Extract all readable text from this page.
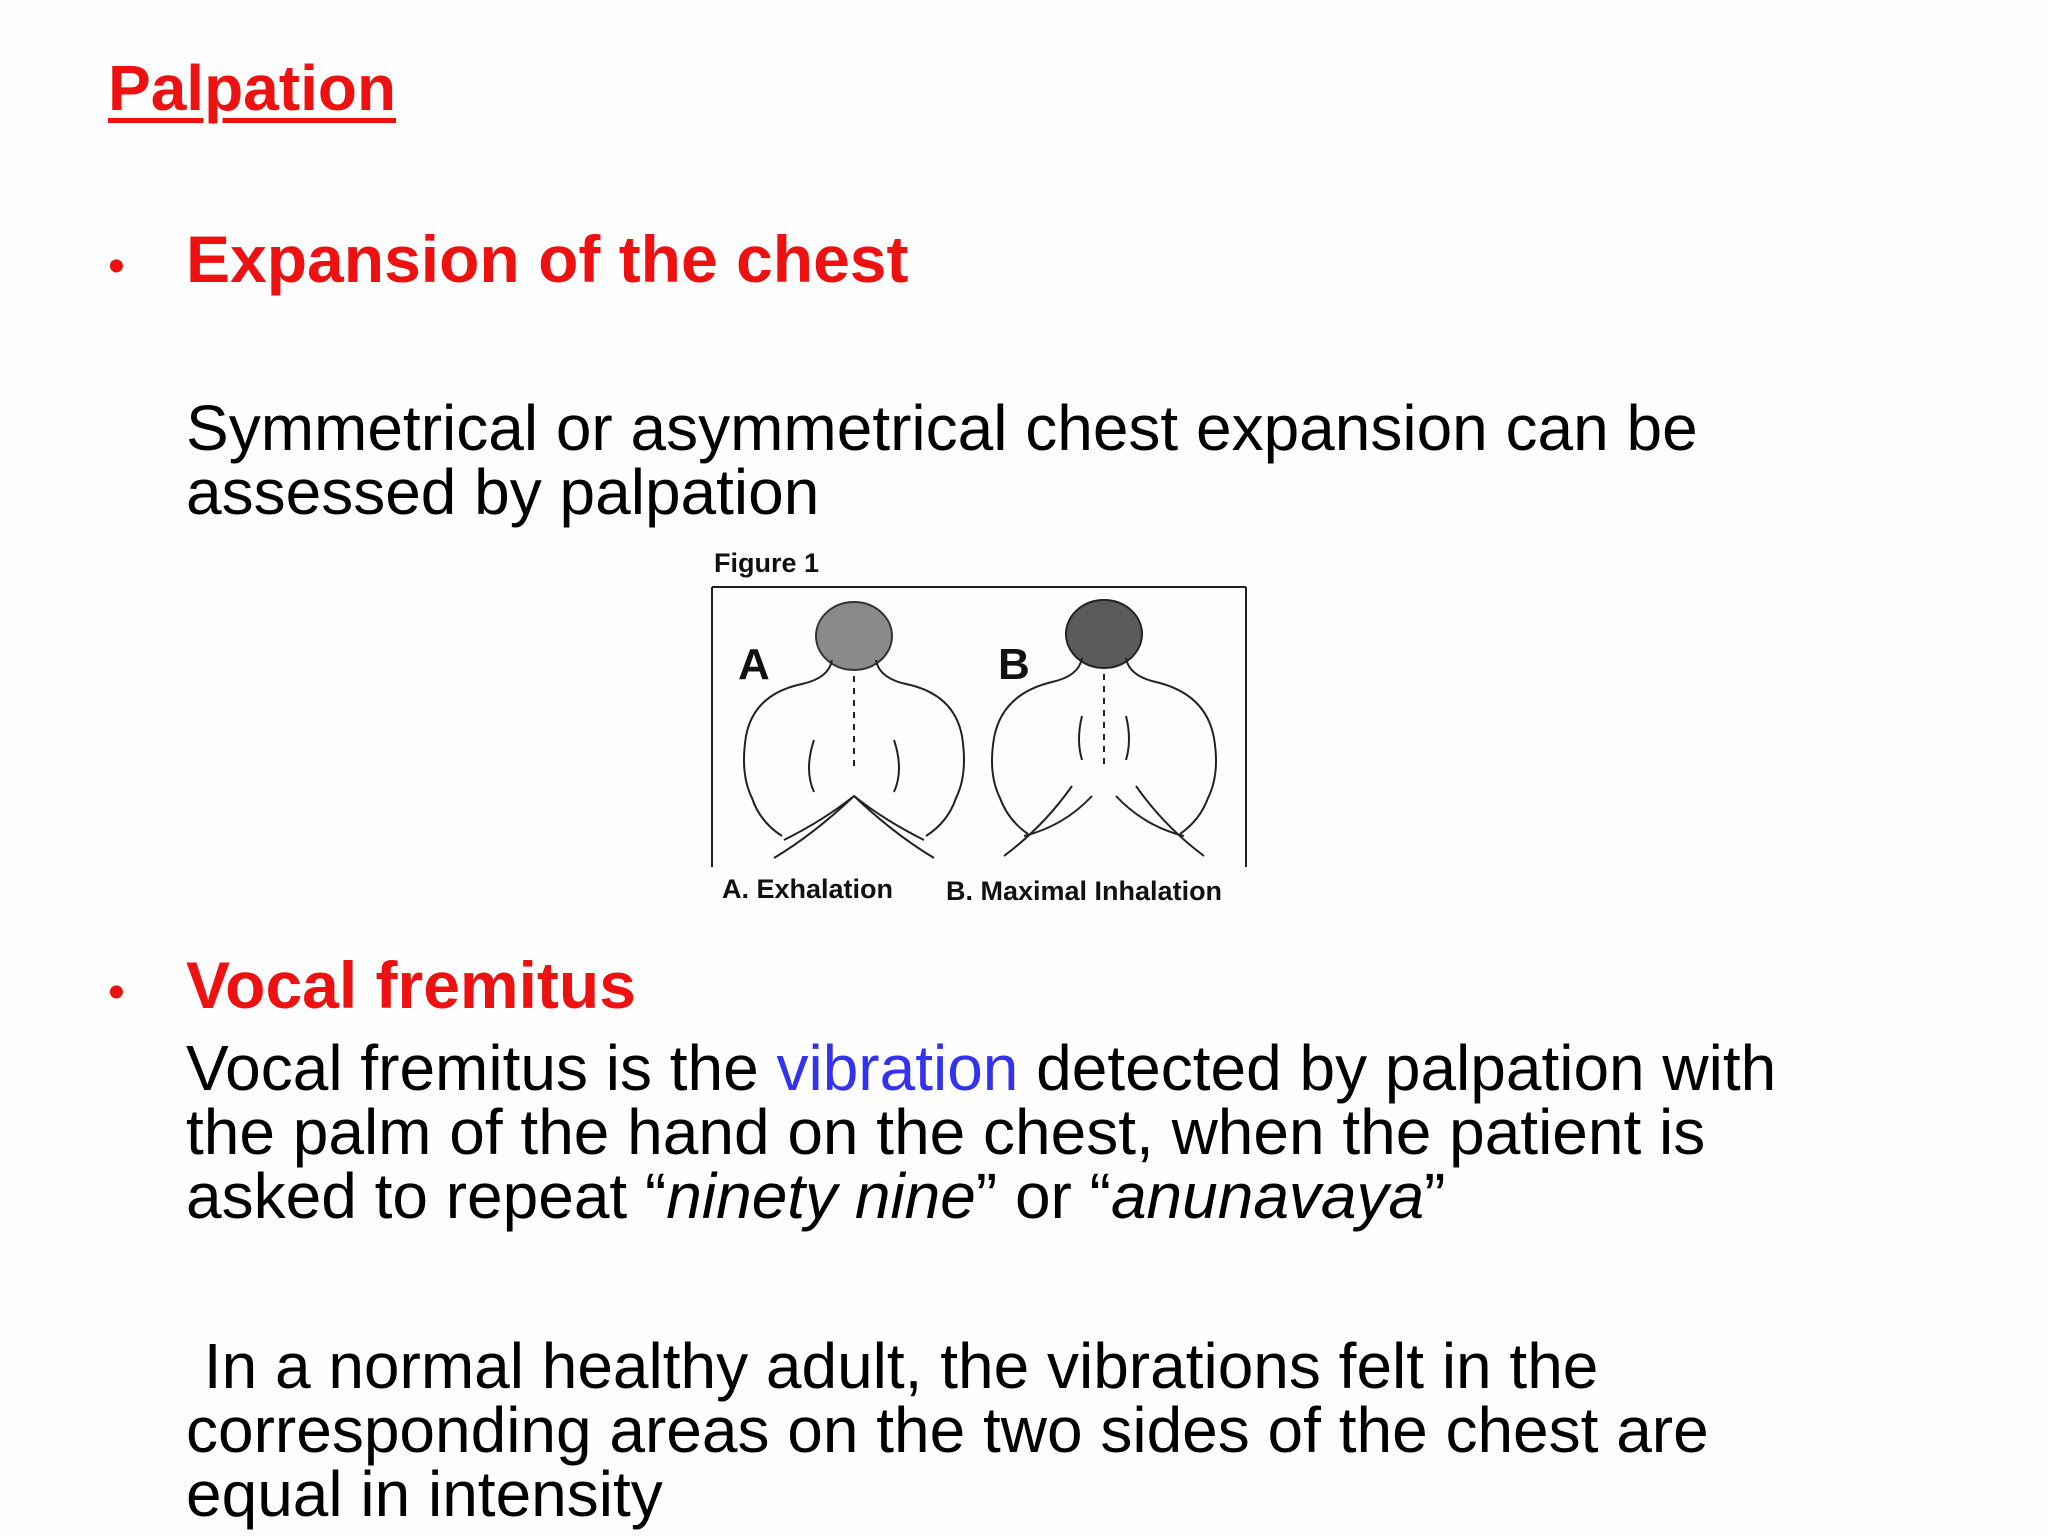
Palpation
• Expansion of the chest
Symmetrical or asymmetrical chest expansion can be
assessed by palpation
Figure 1
A	B
A. Exhalation B. Maximal Inhalation
• Vocal fremitus
Vocal fremitus is the vibration detected by palpation with
the palm of the hand on the chest, when the patient is
asked to repeat “ninety nine” or “anunavaya”
In a normal healthy adult, the vibrations felt in the
corresponding areas on the two sides of the chest are
equal in intensity
